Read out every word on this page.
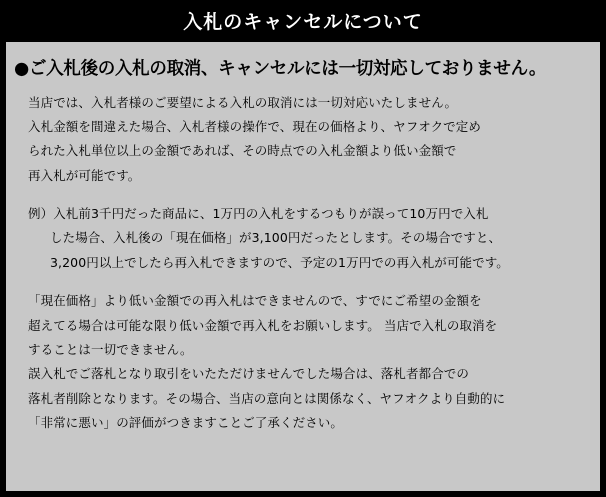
入札のキャンセルについて
●ご入札後の入札の取消、キャンセルには一切対応しておりません。
当店では、入札者様のご要望による入札の取消には一切対応いたしません。
入札金額を間違えた場合、入札者様の操作で、現在の価格より、ヤフオクで定め
られた入札単位以上の金額であれば、その時点での入札金額より低い金額で
再入札が可能です。
例）入札前3千円だった商品に、1万円の入札をするつもりが誤って10万円で入札
した場合、入札後の「現在価格」が3,100円だったとします。その場合ですと、
3,200円以上でしたら再入札できますので、予定の1万円での再入札が可能です。
「現在価格」より低い金額での再入札はできませんので、すでにご希望の金額を
超えてる場合は可能な限り低い金額で再入札をお願いします。 当店で入札の取消を
することは一切できません。
誤入札でご落札となり取引をいたただけませんでした場合は、落札者都合での
落札者削除となります。その場合、当店の意向とは関係なく、ヤフオクより自動的に
「非常に悪い」の評価がつきますことご了承ください。
